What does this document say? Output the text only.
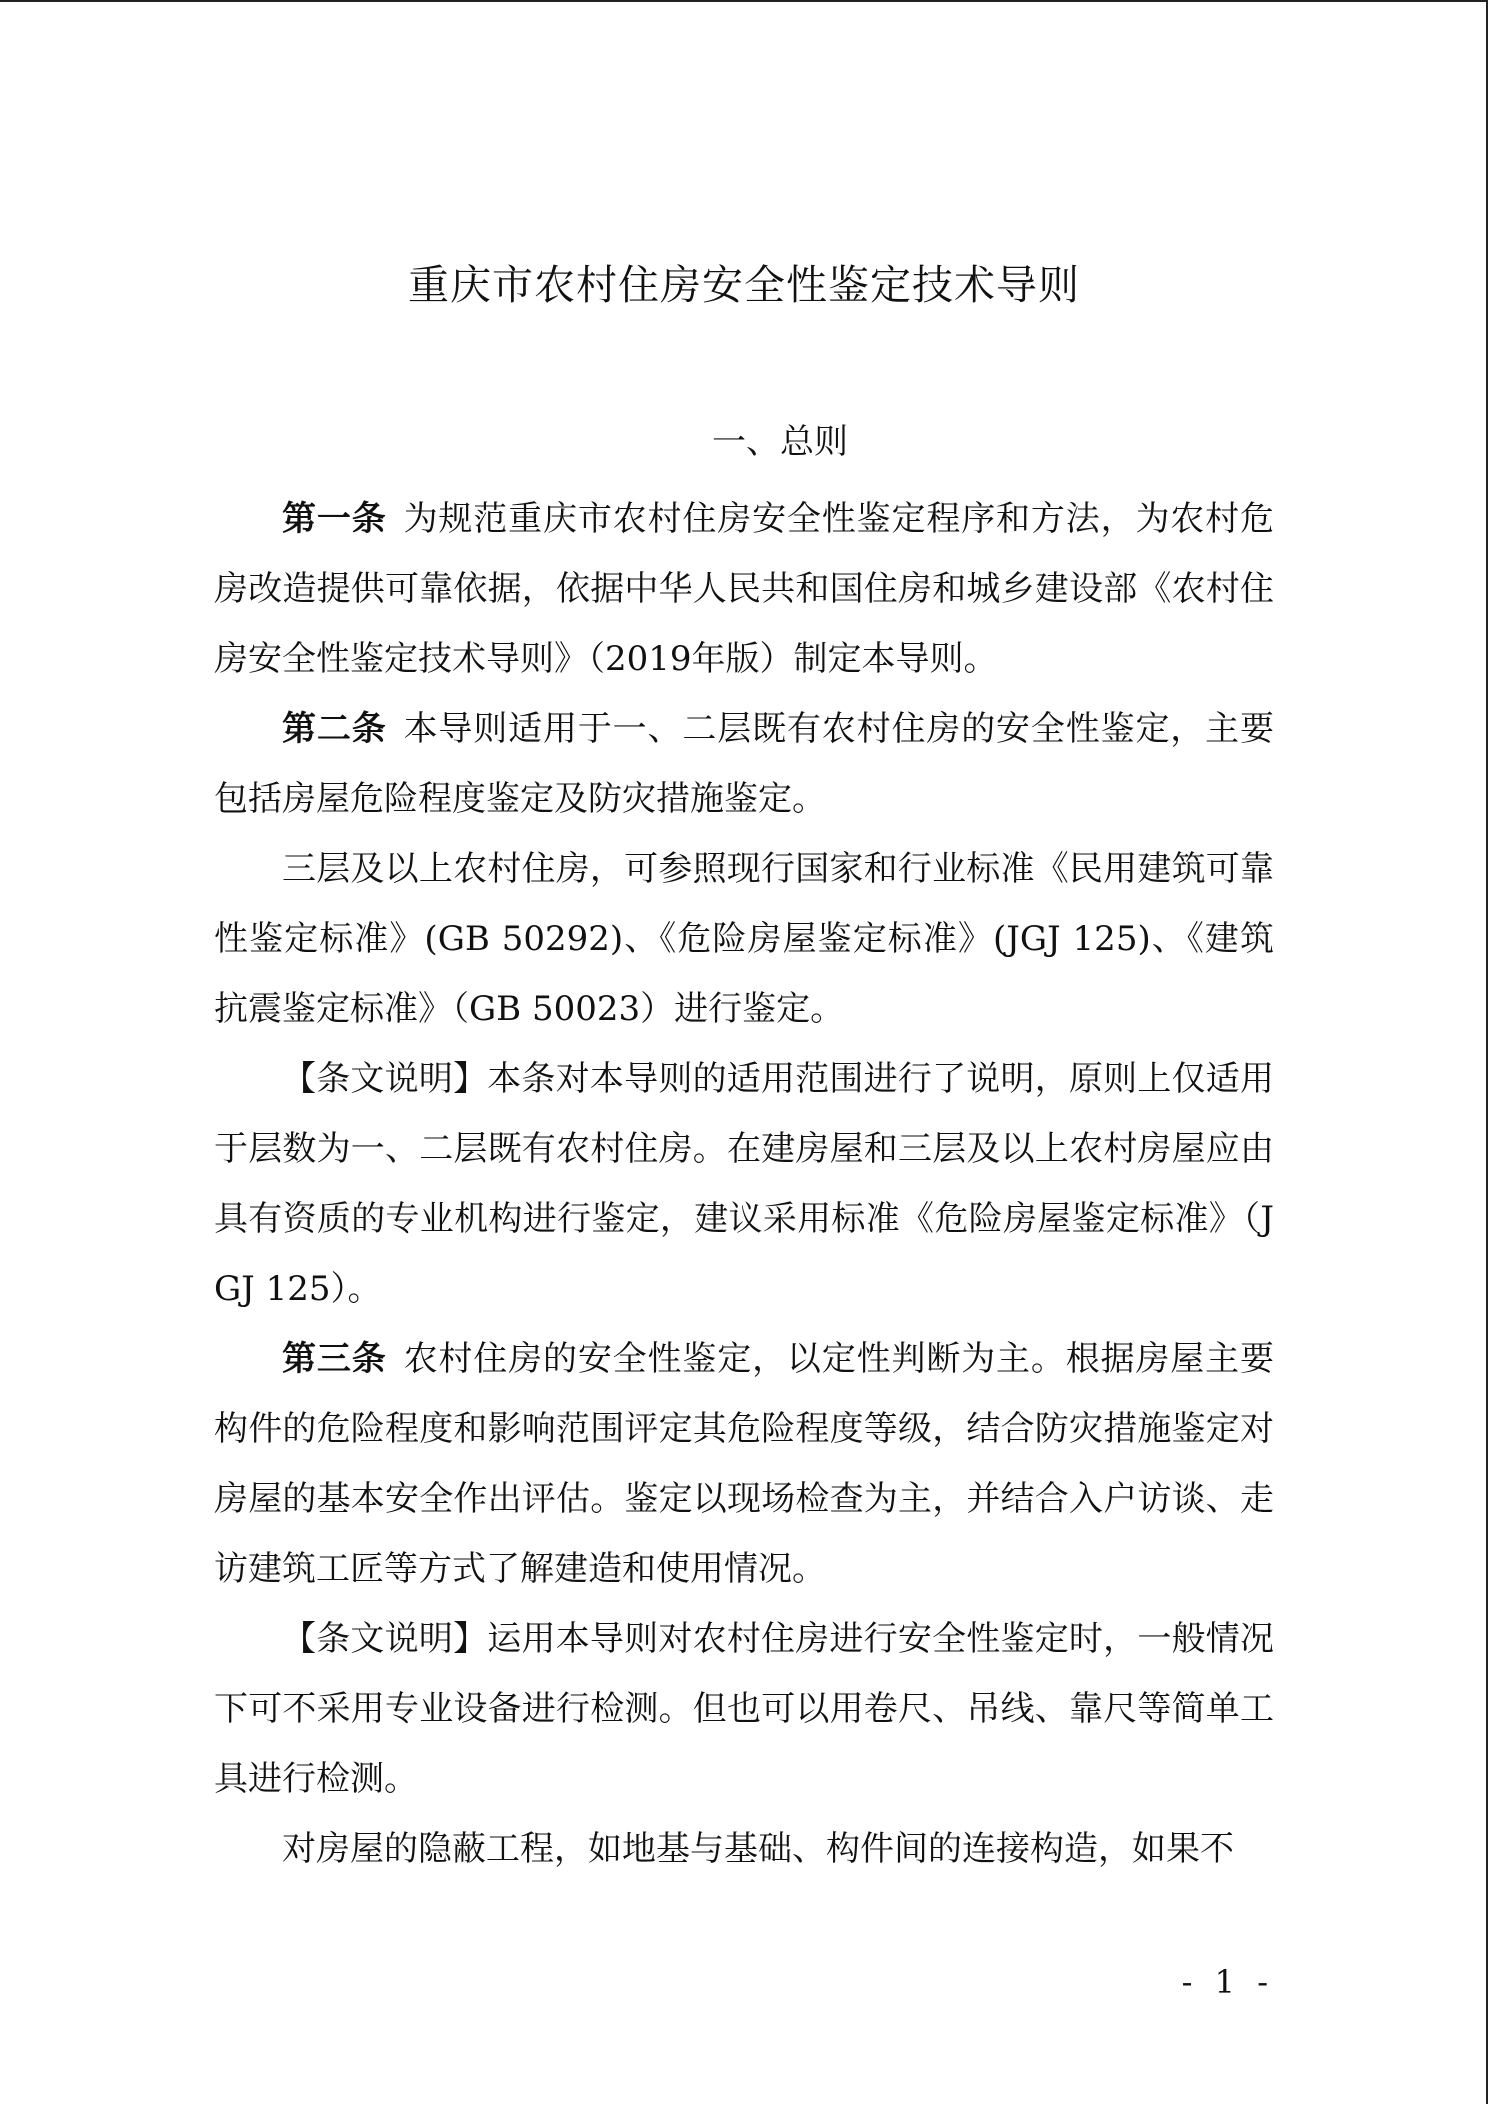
重庆市农村住房安全性鉴定技术导则
一、总则

第一条 为规范重庆市农村住房安全性鉴定程序和方法，为农村危房改造提供可靠依据，依据中华人民共和国住房和城乡建设部《农村住房安全性鉴定技术导则》（2019年版）制定本导则。

第二条 本导则适用于一、二层既有农村住房的安全性鉴定，主要包括房屋危险程度鉴定及防灾措施鉴定。

三层及以上农村住房，可参照现行国家和行业标准《民用建筑可靠性鉴定标准》(GB 50292)、《危险房屋鉴定标准》(JGJ 125)、《建筑抗震鉴定标准》（GB 50023）进行鉴定。

【条文说明】本条对本导则的适用范围进行了说明，原则上仅适用于层数为一、二层既有农村住房。在建房屋和三层及以上农村房屋应由具有资质的专业机构进行鉴定，建议采用标准《危险房屋鉴定标准》（JGJ 125）。

第三条 农村住房的安全性鉴定，以定性判断为主。根据房屋主要构件的危险程度和影响范围评定其危险程度等级，结合防灾措施鉴定对房屋的基本安全作出评估。鉴定以现场检查为主，并结合入户访谈、走访建筑工匠等方式了解建造和使用情况。

【条文说明】运用本导则对农村住房进行安全性鉴定时，一般情况下可不采用专业设备进行检测。但也可以用卷尺、吊线、靠尺等简单工具进行检测。

对房屋的隐蔽工程，如地基与基础、构件间的连接构造，如果不

- 1 -
